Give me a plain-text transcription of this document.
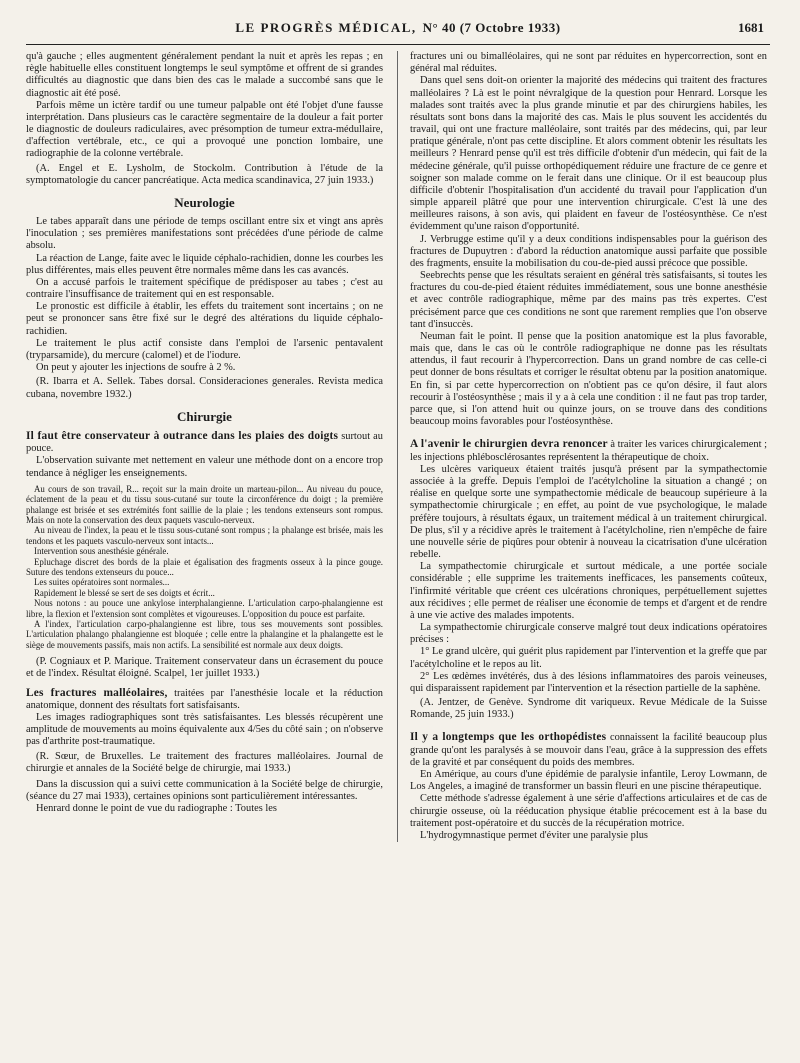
LE PROGRÈS MÉDICAL, N° 40 (7 Octobre 1933)	1681

qu'à gauche ; elles augmentent généralement pendant la nuit et après les repas ; en règle habituelle elles constituent longtemps le seul symptôme et offrent de si grandes difficultés au diagnostic que dans bien des cas le malade a succombé sans que le diagnostic ait été posé.

Parfois même un ictère tardif ou une tumeur palpable ont été l'objet d'une fausse interprétation. Dans plusieurs cas le caractère segmentaire de la douleur a fait porter le diagnostic de douleurs radiculaires, avec présomption de tumeur extra-médullaire, d'affection vertébrale, etc., ce qui a provoqué une ponction lombaire, une radiographie de la colonne vertébrale.

(A. Engel et E. Lysholm, de Stockolm. Contribution à l'étude de la symptomatologie du cancer pancréatique. Acta medica scandinavica, 27 juin 1933.)

Neurologie

Le tabes apparaît dans une période de temps oscillant entre six et vingt ans après l'inoculation ; ses premières manifestations sont précédées d'une période de calme absolu.

La réaction de Lange, faite avec le liquide céphalo-rachidien, donne les courbes les plus différentes, mais elles peuvent être normales même dans les cas avancés.

On a accusé parfois le traitement spécifique de prédisposer au tabes ; c'est au contraire l'insuffisance de traitement qui en est responsable.

Le pronostic est difficile à établir, les effets du traitement sont incertains ; on ne peut se prononcer sans être fixé sur le degré des altérations du liquide céphalo-rachidien.

Le traitement le plus actif consiste dans l'emploi de l'arsenic pentavalent (tryparsamide), du mercure (calomel) et de l'iodure.

On peut y ajouter les injections de soufre à 2 %.

(R. Ibarra et A. Sellek. Tabes dorsal. Consideraciones generales. Revista medica cubana, novembre 1932.)

Chirurgie

Il faut être conservateur à outrance dans les plaies des doigts surtout au pouce.

L'observation suivante met nettement en valeur une méthode dont on a encore trop tendance à négliger les enseignements.

Au cours de son travail, R... reçoit sur la main droite un marteau-pilon... Au niveau du pouce, éclatement de la peau et du tissu sous-cutané sur toute la circonférence du doigt ; la première phalange est brisée et ses extrémités font saillie de la plaie ; les tendons extenseurs sont rompus. Mais on note la conservation des deux paquets vasculo-nerveux.

Au niveau de l'index, la peau et le tissu sous-cutané sont rompus ; la phalange est brisée, mais les tendons et les paquets vasculo-nerveux sont intacts...

Intervention sous anesthésie générale.

Epluchage discret des bords de la plaie et égalisation des fragments osseux à la pince gouge. Suture des tendons extenseurs du pouce...

Les suites opératoires sont normales...

Rapidement le blessé se sert de ses doigts et écrit...

Nous notons : au pouce une ankylose interphalangienne. L'articulation carpo-phalangienne est libre, la flexion et l'extension sont complètes et vigoureuses. L'opposition du pouce est parfaite.

A l'index, l'articulation carpo-phalangienne est libre, tous ses mouvements sont possibles. L'articulation phalango phalangienne est bloquée ; celle entre la phalangine et la phalangette est le siège de mouvements passifs, mais non actifs. La sensibilité est normale aux deux doigts.

(P. Cogniaux et P. Marique. Traitement conservateur dans un écrasement du pouce et de l'index. Résultat éloigné. Scalpel, 1er juillet 1933.)

Les fractures malléolaires, traitées par l'anesthésie locale et la réduction anatomique, donnent des résultats fort satisfaisants.

Les images radiographiques sont très satisfaisantes. Les blessés récupèrent une amplitude de mouvements au moins équivalente aux 4/5es du côté sain ; on n'observe pas d'arthrite post-traumatique.

(R. Sœur, de Bruxelles. Le traitement des fractures malléolaires. Journal de chirurgie et annales de la Société belge de chirurgie, mai 1933.)

Dans la discussion qui a suivi cette communication à la Société belge de chirurgie, (séance du 27 mai 1933), certaines opinions sont particulièrement intéressantes.

Henrard donne le point de vue du radiographe : Toutes les

fractures uni ou bimalléolaires, qui ne sont par réduites en hypercorrection, sont en général mal réduites.

Dans quel sens doit-on orienter la majorité des médecins qui traitent des fractures malléolaires ? Là est le point névralgique de la question pour Henrard. Lorsque les malades sont traités avec la plus grande minutie et par des chirurgiens habiles, les résultats sont bons dans la majorité des cas. Mais le plus souvent les accidentés du travail, qui ont une fracture malléolaire, sont traités par des médecins, qui, par leur pratique générale, n'ont pas cette discipline. Et alors comment obtenir les résultats les meilleurs ? Henrard pense qu'il est très difficile d'obtenir d'un médecin, qui fait de la médecine générale, qu'il puisse orthopédiquement réduire une fracture de ce genre et soigner son malade comme on le ferait dans une clinique. Or il est beaucoup plus difficile d'obtenir l'hospitalisation d'un accidenté du travail pour l'application d'un simple appareil plâtré que pour une intervention chirurgicale. C'est là une des meilleures raisons, à son avis, qui plaident en faveur de l'ostéosynthèse. Ce n'est évidemment qu'une raison d'opportunité.

J. Verbrugge estime qu'il y a deux conditions indispensables pour la guérison des fractures de Dupuytren : d'abord la réduction anatomique aussi parfaite que possible des fragments, ensuite la mobilisation du cou-de-pied aussi précoce que possible.

Seebrechts pense que les résultats seraient en général très satisfaisants, si toutes les fractures du cou-de-pied étaient réduites immédiatement, sous une bonne anesthésie et avec contrôle radiographique, même par des mains pas très expertes. C'est précisément parce que ces conditions ne sont que rarement remplies que l'on observe tant d'insuccès.

Neuman fait le point. Il pense que la position anatomique est la plus favorable, mais que, dans le cas où le contrôle radiographique ne donne pas les résultats attendus, il faut recourir à l'hypercorrection. Dans un grand nombre de cas celle-ci peut donner de bons résultats et corriger le résultat obtenu par la position anatomique. En fin, si par cette hypercorrection on n'obtient pas ce qu'on désire, il faut alors recourir à l'ostéosynthèse ; mais il y a à cela une condition : il ne faut pas trop tarder, parce que, si l'on attend huit ou quinze jours, on se trouve dans des conditions beaucoup moins favorables pour l'ostéosynthèse.

A l'avenir le chirurgien devra renoncer à traiter les varices chirurgicalement ; les injections phlébosclérosantes représentent la thérapeutique de choix.

Les ulcères variqueux étaient traités jusqu'à présent par la sympathectomie associée à la greffe. Depuis l'emploi de l'acétylcholine la situation a changé ; on réalise en quelque sorte une sympathectomie médicale de beaucoup supérieure à la sympathectomie chirurgicale ; en effet, au point de vue psychologique, le malade préfère toujours, à résultats égaux, un traitement médical à un traitement chirurgical. De plus, s'il y a récidive après le traitement à l'acétylcholine, rien n'empêche de faire une nouvelle série de piqûres pour obtenir à nouveau la cicatrisation d'une ulcération rebelle.

La sympathectomie chirurgicale et surtout médicale, a une portée sociale considérable ; elle supprime les traitements inefficaces, les pansements coûteux, l'infirmité véritable que créent ces ulcérations chroniques, perpétuellement sujettes aux récidives ; elle permet de réaliser une économie de temps et d'argent et de rendre à une vie active des malades impotents.

La sympathectomie chirurgicale conserve malgré tout deux indications opératoires précises :

1° Le grand ulcère, qui guérit plus rapidement par l'intervention et la greffe que par l'acétylcholine et le repos au lit.

2° Les œdèmes invétérés, dus à des lésions inflammatoires des parois veineuses, qui disparaissent rapidement par l'intervention et la résection partielle de la saphène.

(A. Jentzer, de Genève. Syndrome dit variqueux. Revue Médicale de la Suisse Romande, 25 juin 1933.)

Il y a longtemps que les orthopédistes connaissent la facilité beaucoup plus grande qu'ont les paralysés à se mouvoir dans l'eau, grâce à la suppression des effets de la gravité et par conséquent du poids des membres.

En Amérique, au cours d'une épidémie de paralysie infantile, Leroy Lowmann, de Los Angeles, a imaginé de transformer un bassin fleuri en une piscine thérapeutique.

Cette méthode s'adresse également à une série d'affections articulaires et de cas de chirurgie osseuse, où la rééducation physique établie précocement est à la base du traitement post-opératoire et du succès de la récupération motrice.

L'hydrogymnastique permet d'éviter une paralysie plus
